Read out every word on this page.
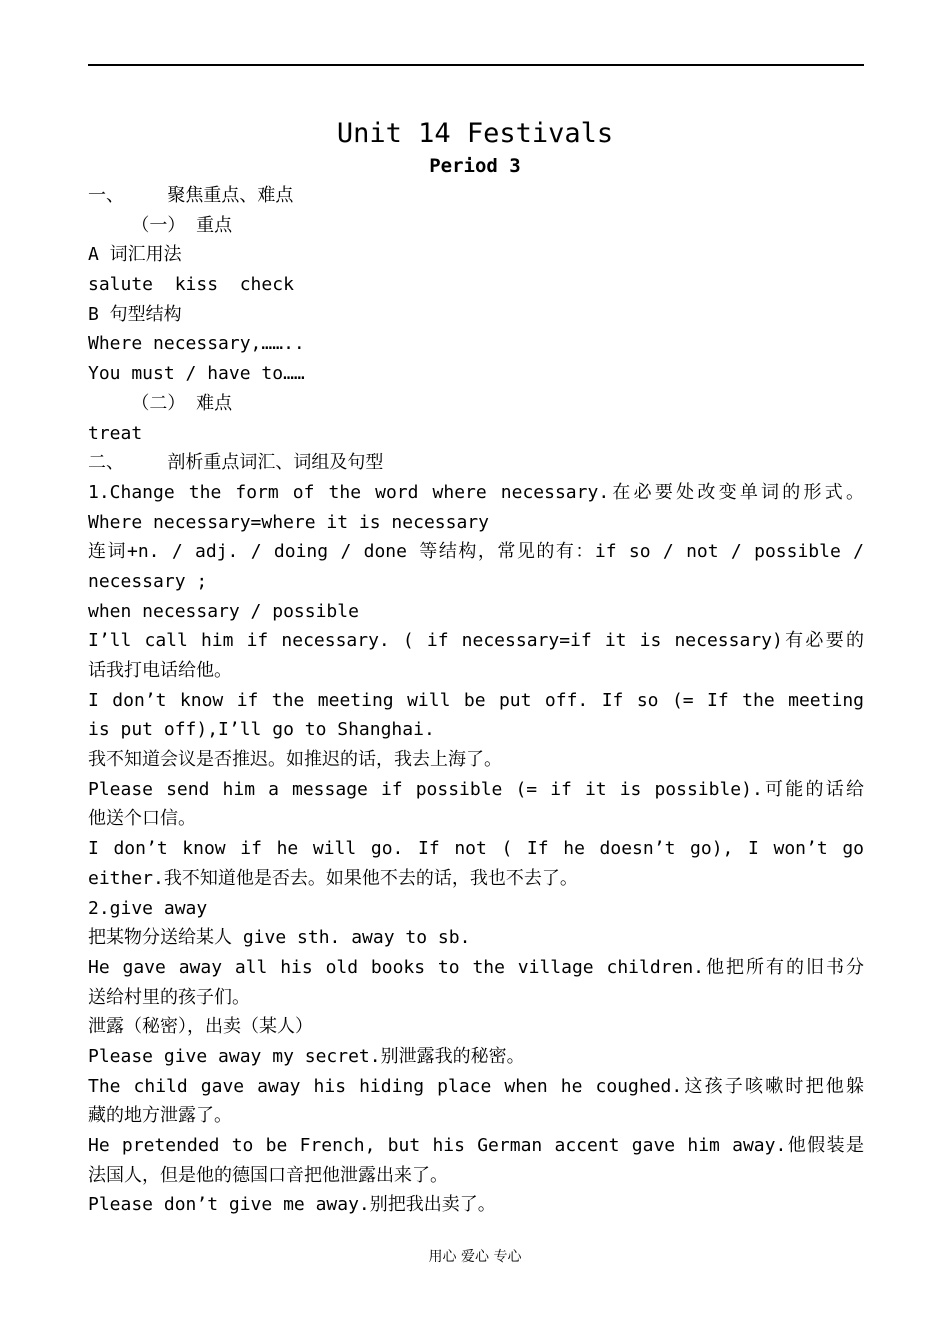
Unit 14 Festivals
Period 3
一、    聚焦重点、难点
（一） 重点
A 词汇用法
salute  kiss  check
B 句型结构
Where necessary,……..
You must / have to……
（二） 难点
treat
二、    剖析重点词汇、词组及句型
1.Change the form of the word where necessary.在必要处改变单词的形式。
Where necessary=where it is necessary
连词+n. / adj. / doing / done 等结构，常见的有：if so / not / possible /
necessary ;
when necessary / possible
I’ll call him if necessary. ( if necessary=if it is necessary)有必要的
话我打电话给他。
I don’t know if the meeting will be put off. If so (= If the meeting
is put off),I’ll go to Shanghai.
我不知道会议是否推迟。如推迟的话，我去上海了。
Please send him a message if possible (= if it is possible).可能的话给
他送个口信。
I don’t know if he will go. If not ( If he doesn’t go), I won’t go
either.我不知道他是否去。如果他不去的话，我也不去了。
2.give away
把某物分送给某人 give sth. away to sb.
He gave away all his old books to the village children.他把所有的旧书分
送给村里的孩子们。
泄露（秘密），出卖（某人）
Please give away my secret.别泄露我的秘密。
The child gave away his hiding place when he coughed.这孩子咳嗽时把他躲
藏的地方泄露了。
He pretended to be French, but his German accent gave him away.他假装是
法国人，但是他的德国口音把他泄露出来了。
Please don’t give me away.别把我出卖了。
用心 爱心 专心
